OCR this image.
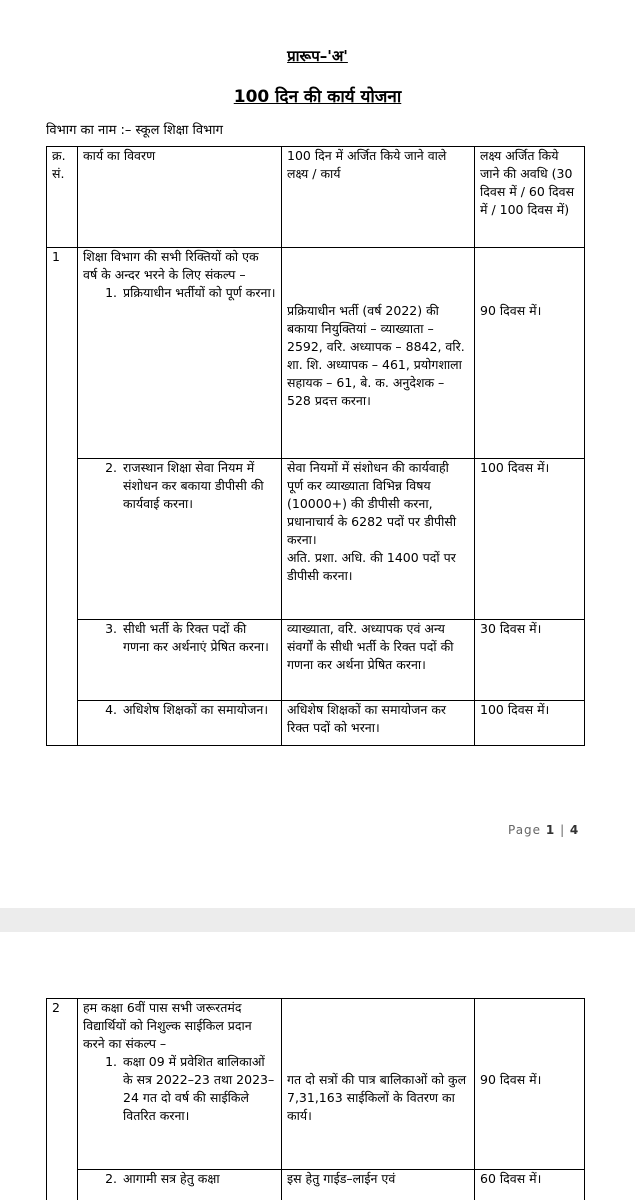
प्रारूप–'अ'
100 दिन की कार्य योजना
विभाग का नाम :– स्कूल शिक्षा विभाग
क्र. सं.	कार्य का विवरण	100 दिन में अर्जित किये जाने वाले लक्ष्य / कार्य	लक्ष्य अर्जित किये जाने की अवधि (30 दिवस में / 60 दिवस में / 100 दिवस में)
1	शिक्षा विभाग की सभी रिक्तियों को एक वर्ष के अन्दर भरने के लिए संकल्प –
1. प्रक्रियाधीन भर्तीयों को पूर्ण करना।	प्रक्रियाधीन भर्ती (वर्ष 2022) की बकाया नियुक्तियां – व्याख्याता – 2592, वरि. अध्यापक – 8842, वरि. शा. शि. अध्यापक – 461, प्रयोगशाला सहायक – 61, बे. क. अनुदेशक – 528 प्रदत्त करना।	90 दिवस में।

	2. राजस्थान शिक्षा सेवा नियम में संशोधन कर बकाया डीपीसी की कार्यवाई करना।	सेवा नियमों में संशोधन की कार्यवाही पूर्ण कर व्याख्याता विभिन्न विषय (10000+) की डीपीसी करना,
प्रधानाचार्य के 6282 पदों पर डीपीसी करना।
अति. प्रशा. अधि. की 1400 पदों पर डीपीसी करना।	100 दिवस में।

	3. सीधी भर्ती के रिक्त पदों की गणना कर अर्थनाएं प्रेषित करना।	व्याख्याता, वरि. अध्यापक एवं अन्य संवर्गों के सीधी भर्ती के रिक्त पदों की गणना कर अर्थना प्रेषित करना।	30 दिवस में।

	4. अधिशेष शिक्षकों का समायोजन।	अधिशेष शिक्षकों का समायोजन कर रिक्त पदों को भरना।	100 दिवस में।
Page 1 | 4
2	हम कक्षा 6वीं पास सभी जरूरतमंद विद्यार्थियों को निशुल्क साईकिल प्रदान करने का संकल्प –
1. कक्षा 09 में प्रवेशित बालिकाओं के सत्र 2022–23 तथा 2023–24 गत दो वर्ष की साईकिले वितरित करना।	गत दो सत्रों की पात्र बालिकाओं को कुल 7,31,163 साईकिलों के वितरण का कार्य।	90 दिवस में।

	2. आगामी सत्र हेतु कक्षा	इस हेतु गाईड–लाईन एवं	60 दिवस में।
